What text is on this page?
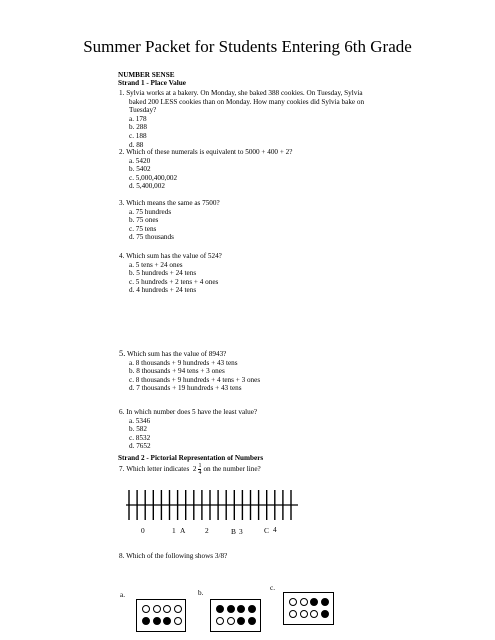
Summer Packet for Students Entering 6th Grade
NUMBER SENSE
Strand 1 - Place Value
1. Sylvia works at a bakery. On Monday, she baked 388 cookies. On Tuesday, Sylvia
baked 200 LESS cookies than on Monday. How many cookies did Sylvia bake on
Tuesday?
a. 178
b. 288
c. 188
d. 88
2. Which of these numerals is equivalent to 5000 + 400 + 2?
a. 5420
b. 5402
c. 5,000,400,002
d. 5,400,002
3. Which means the same as 7500?
a. 75 hundreds
b. 75 ones
c. 75 tens
d. 75 thousands
4. Which sum has the value of 524?
a. 5 tens + 24 ones
b. 5 hundreds + 24 tens
c. 5 hundreds + 2 tens + 4 ones
d. 4 hundreds + 24 tens
5. Which sum has the value of 8943?
a. 8 thousands + 9 hundreds + 43 tens
b. 8 thousands + 94 tens + 3 ones
c. 8 thousands + 9 hundreds + 4 tens + 3 ones
d. 7 thousands + 19 hundreds + 43 tens
6. In which number does 5 have the least value?
a. 5346
b. 582
c. 8532
d. 7652
Strand 2 - Pictorial Representation of Numbers
7.
Which letter indicates
$2 \frac{1}{4}$ on the number line?
0	1 A	2	B 3	C 4
8. Which of the following shows 3/8?
a.	b.
c.
